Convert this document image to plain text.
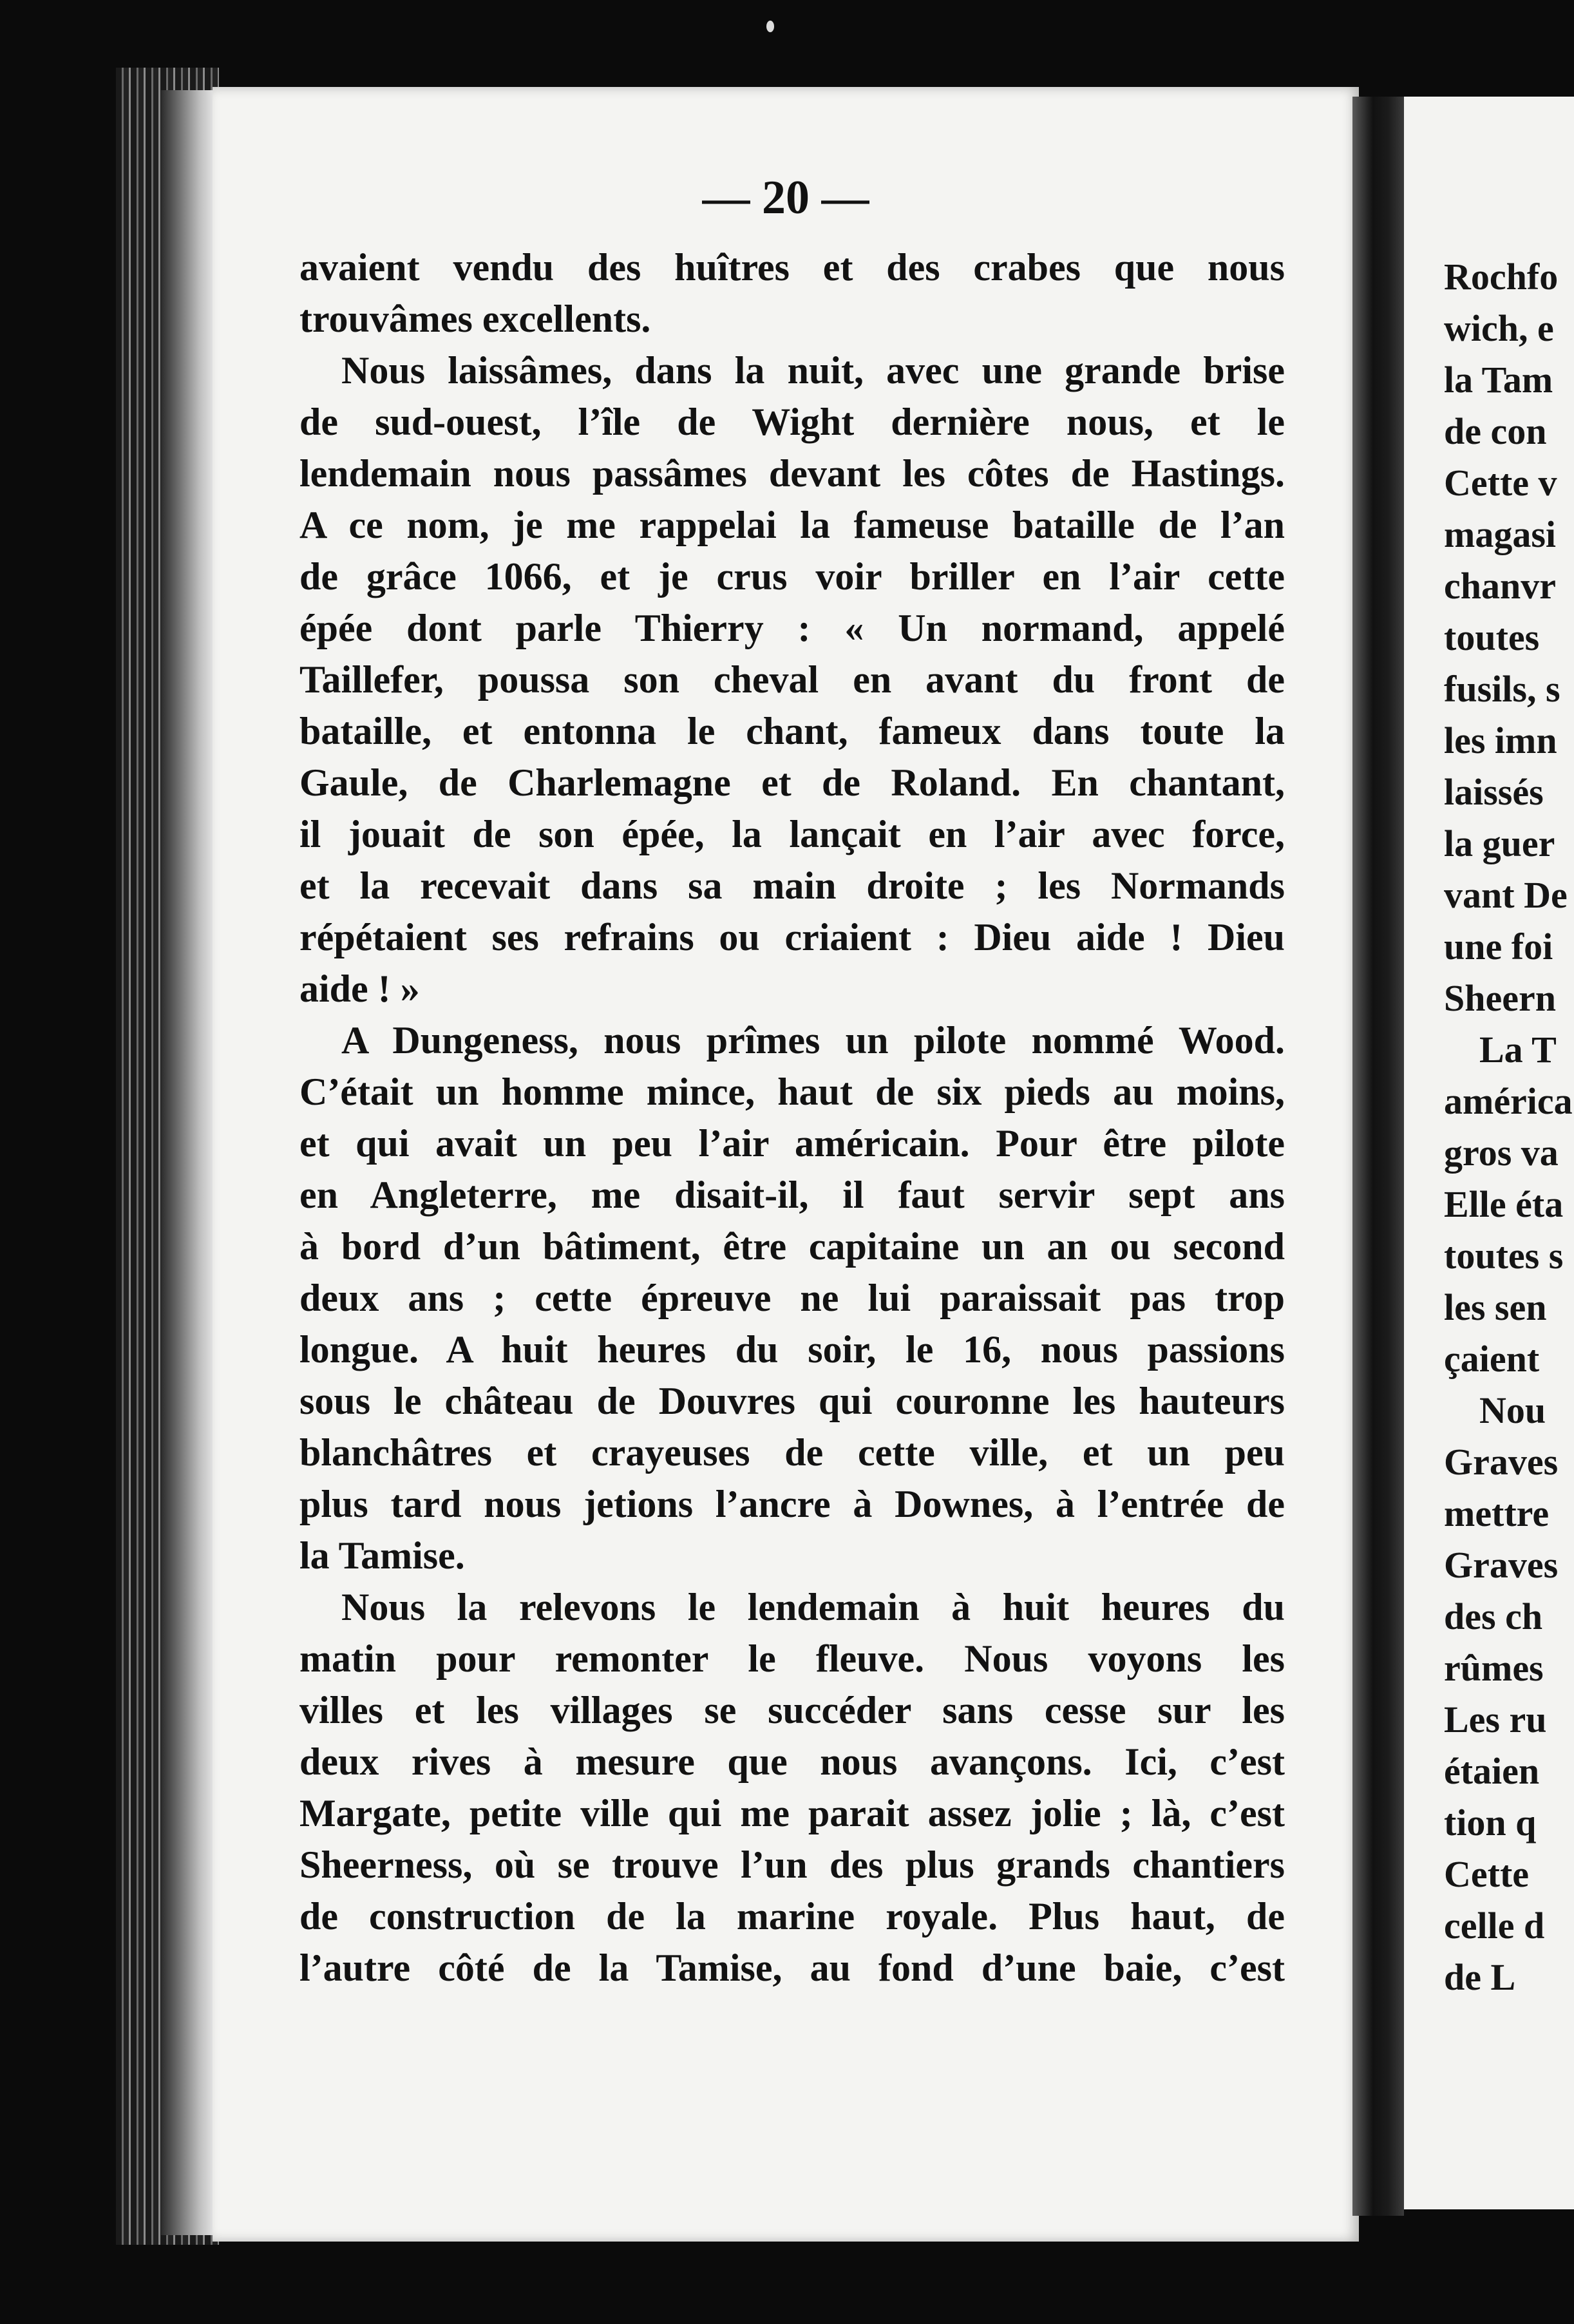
— 20 —
avaient vendu des huîtres et des crabes que nous
trouvâmes excellents.
Nous laissâmes, dans la nuit, avec une grande brise
de sud-ouest, l’île de Wight dernière nous, et le
lendemain nous passâmes devant les côtes de Hastings.
A ce nom, je me rappelai la fameuse bataille de l’an
de grâce 1066, et je crus voir briller en l’air cette
épée dont parle Thierry : « Un normand, appelé
Taillefer, poussa son cheval en avant du front de
bataille, et entonna le chant, fameux dans toute la
Gaule, de Charlemagne et de Roland. En chantant,
il jouait de son épée, la lançait en l’air avec force,
et la recevait dans sa main droite ; les Normands
répétaient ses refrains ou criaient : Dieu aide ! Dieu
aide ! »
A Dungeness, nous prîmes un pilote nommé Wood.
C’était un homme mince, haut de six pieds au moins,
et qui avait un peu l’air américain. Pour être pilote
en Angleterre, me disait-il, il faut servir sept ans
à bord d’un bâtiment, être capitaine un an ou second
deux ans ; cette épreuve ne lui paraissait pas trop
longue. A huit heures du soir, le 16, nous passions
sous le château de Douvres qui couronne les hauteurs
blanchâtres et crayeuses de cette ville, et un peu
plus tard nous jetions l’ancre à Downes, à l’entrée de
la Tamise.
Nous la relevons le lendemain à huit heures du
matin pour remonter le fleuve. Nous voyons les
villes et les villages se succéder sans cesse sur les
deux rives à mesure que nous avançons. Ici, c’est
Margate, petite ville qui me parait assez jolie ; là, c’est
Sheerness, où se trouve l’un des plus grands chantiers
de construction de la marine royale. Plus haut, de
l’autre côté de la Tamise, au fond d’une baie, c’est
Rochfo
wich, e
la Tam
de con
Cette v
magasi
chanvr
toutes
fusils, s
les imn
laissés
la guer
vant De
une foi
Sheern
La T
américa
gros va
Elle éta
toutes s
les sen
çaient
Nou
Graves
mettre
Graves
des ch
rûmes
Les ru
étaien
tion q
Cette
celle d
de L
